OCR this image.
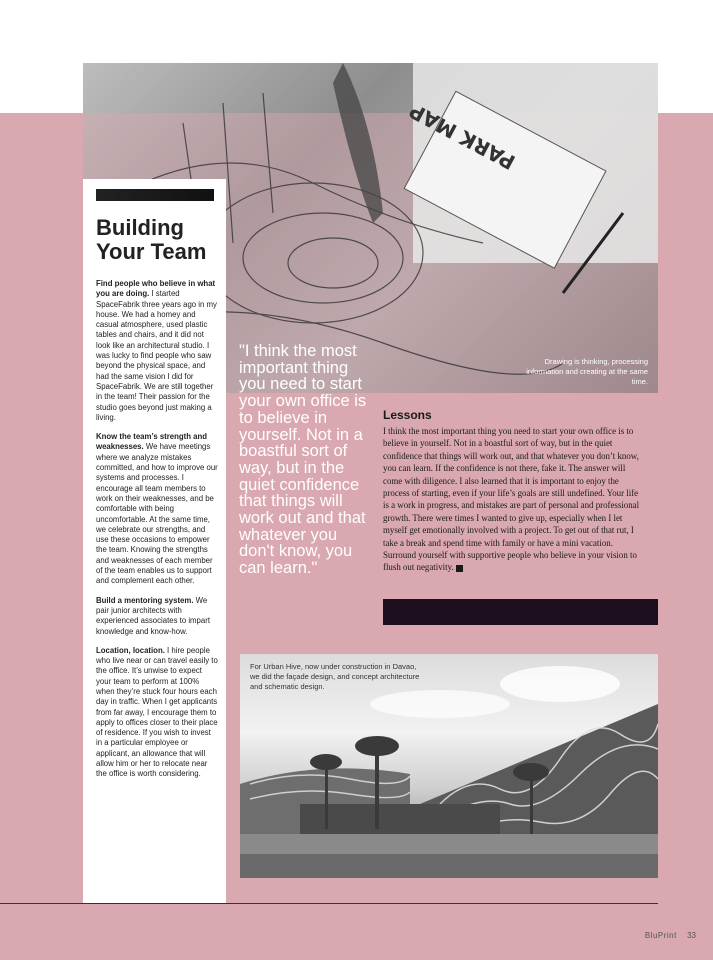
PARK MAP
Drawing is thinking, processing information and creating at the same time.
Building Your Team

Find people who believe in what you are doing. I started SpaceFabrik three years ago in my house. We had a homey and casual atmosphere, used plastic tables and chairs, and it did not look like an architectural studio. I was lucky to find people who saw beyond the physical space, and had the same vision I did for SpaceFabrik. We are still together in the team! Their passion for the studio goes beyond just making a living.

Know the team’s strength and weaknesses. We have meetings where we analyze mistakes committed, and how to improve our systems and processes. I encourage all team members to work on their weaknesses, and be comfortable with being uncomfortable. At the same time, we celebrate our strengths, and use these occasions to empower the team. Knowing the strengths and weaknesses of each member of the team enables us to support and complement each other.

Build a mentoring system. We pair junior architects with experienced associates to impart knowledge and know-how.

Location, location. I hire people who live near or can travel easily to the office. It’s unwise to expect your team to perform at 100% when they’re stuck four hours each day in traffic. When I get applicants from far away, I encourage them to apply to offices closer to their place of residence. If you wish to invest in a particular employee or applicant, an allowance that will allow him or her to relocate near the office is worth considering.

"I think the most important thing you need to start your own office is to believe in yourself. Not in a boastful sort of way, but in the quiet confidence that things will work out and that whatever you don't know, you can learn."
Lessons

I think the most important thing you need to start your own office is to believe in yourself. Not in a boastful sort of way, but in the quiet confidence that things will work out, and that whatever you don’t know, you can learn. If the confidence is not there, fake it. The answer will come with diligence. I also learned that it is important to enjoy the process of starting, even if your life’s goals are still undefined. Your life is a work in progress, and mistakes are part of personal and professional growth. There were times I wanted to give up, especially when I let myself get emotionally involved with a project. To get out of that rut, I take a break and spend time with family or have a mini vacation. Surround yourself with supportive people who believe in your vision to flush out negativity.

For Urban Hive, now under construction in Davao, we did the façade design, and concept architecture and schematic design.
BluPrint 33
